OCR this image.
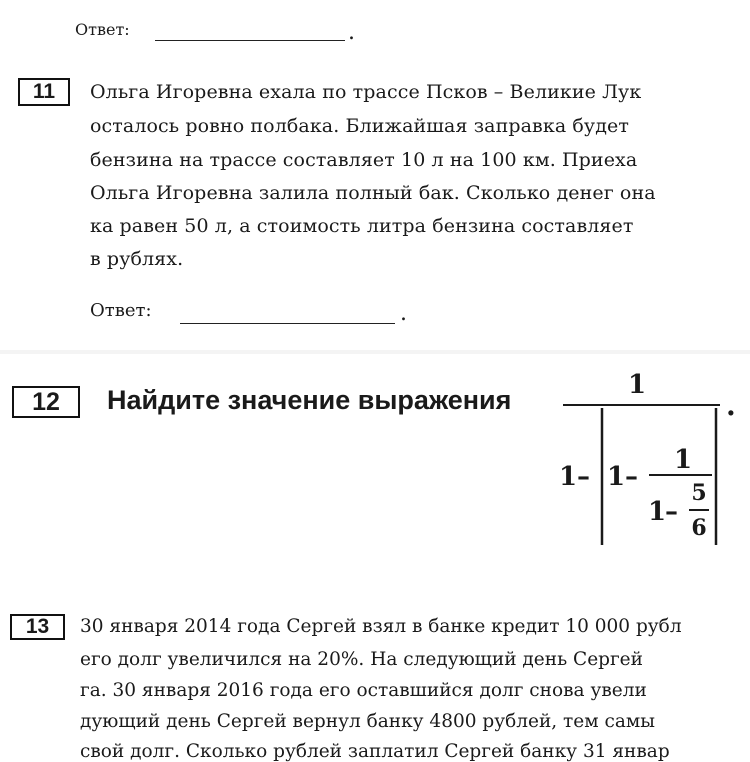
Ответ:	.
11 Ольга Игоревна ехала по трассе Псков – Великие Лук
осталось ровно полбака. Ближайшая заправка будет
бензина на трассе составляет 10 л на 100 км. Приеха
Ольга Игоревна залила полный бак. Сколько денег она
ка равен 50 л, а стоимость литра бензина составляет
в рублях.
Ответ:	.
12 Найдите значение выражения	1
1 – 1 –
1
1
–
5
6
.
13 30 января 2014 года Сергей взял в банке кредит 10 000 рубл
его долг увеличился на 20%. На следующий день Сергей
га. 30 января 2016 года его оставшийся долг снова увели
дующий день Сергей вернул банку 4800 рублей, тем самы
свой долг. Сколько рублей заплатил Сергей банку 31 январ
